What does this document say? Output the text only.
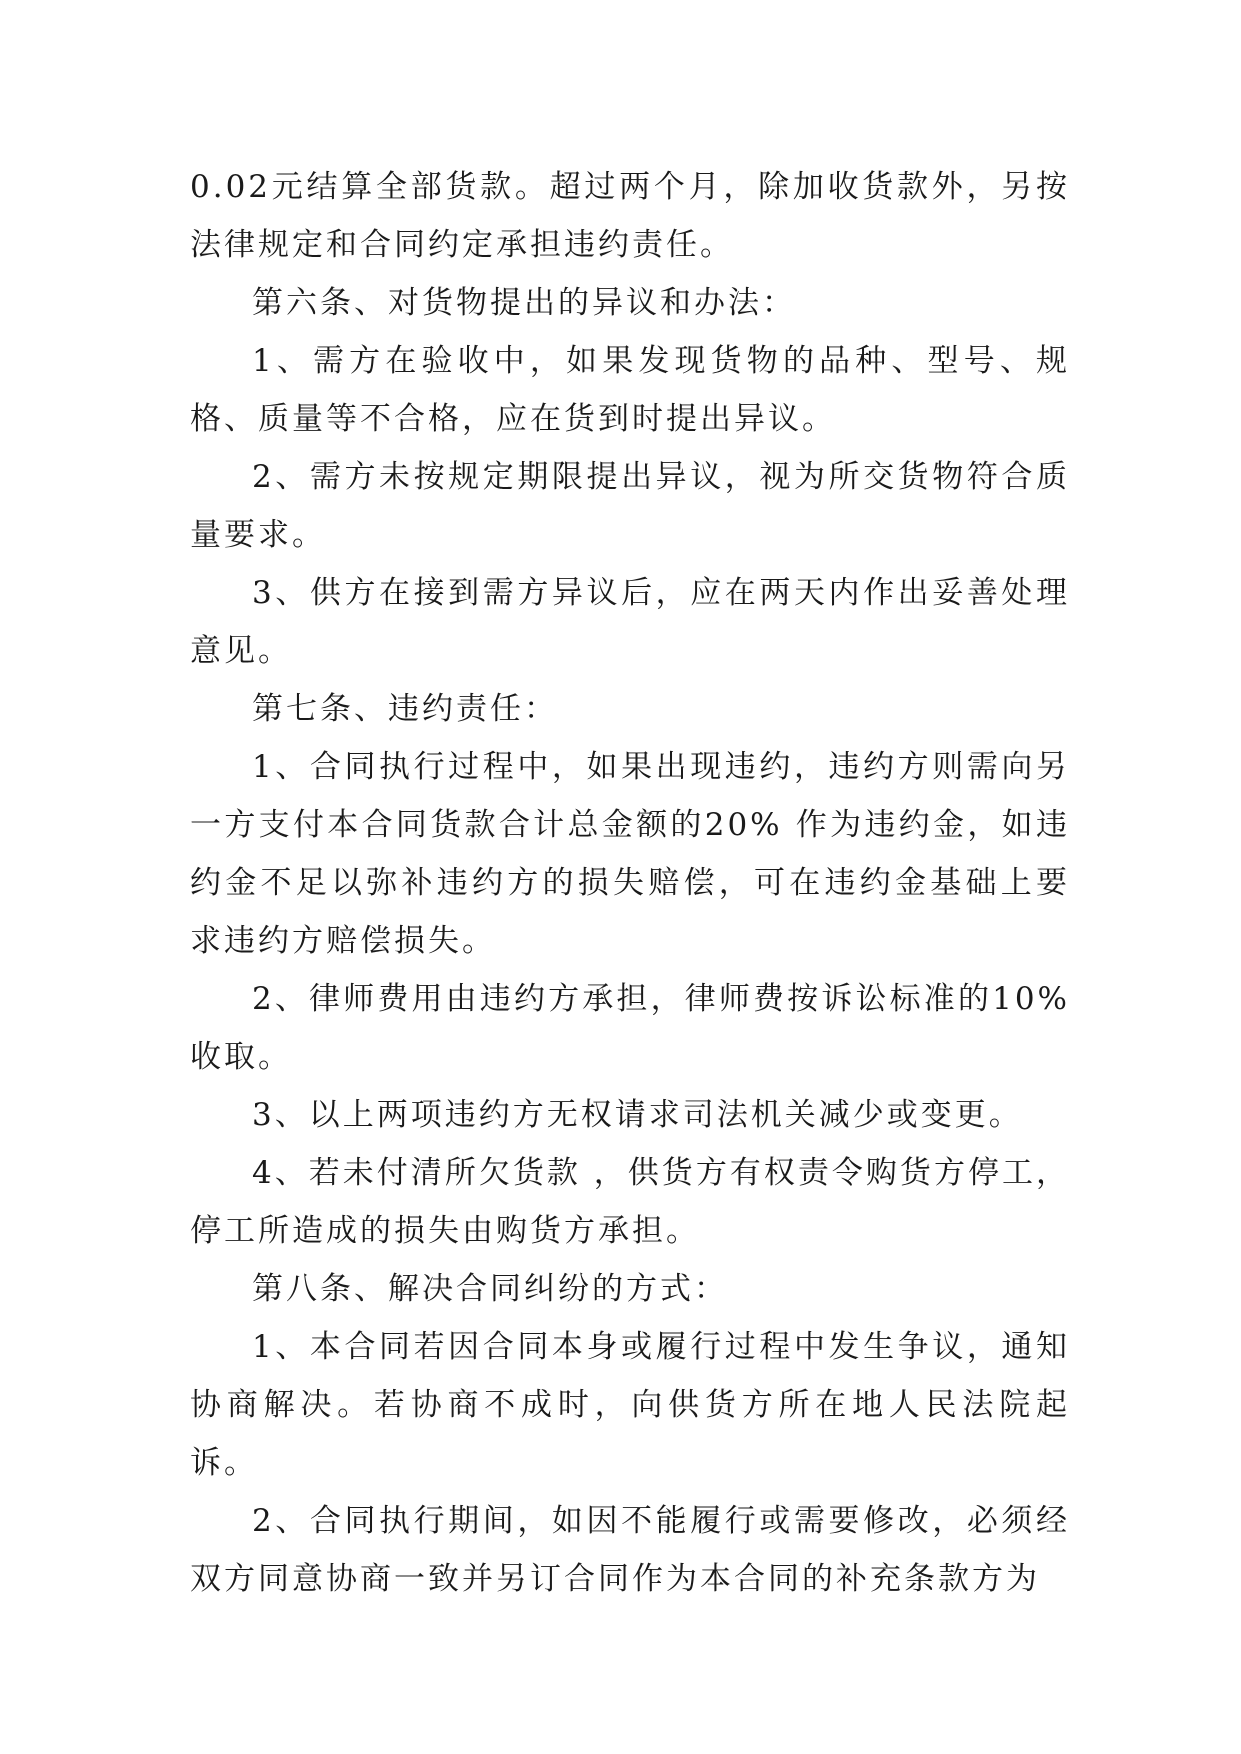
0.02元结算全部货款。超过两个月，除加收货款外，另按法律规定和合同约定承担违约责任。

第六条、对货物提出的异议和办法：

1、需方在验收中，如果发现货物的品种、型号、规格、质量等不合格，应在货到时提出异议。

2、需方未按规定期限提出异议，视为所交货物符合质量要求。

3、供方在接到需方异议后，应在两天内作出妥善处理意见。

第七条、违约责任：

1、合同执行过程中，如果出现违约，违约方则需向另一方支付本合同货款合计总金额的20% 作为违约金，如违约金不足以弥补违约方的损失赔偿，可在违约金基础上要求违约方赔偿损失。

2、律师费用由违约方承担，律师费按诉讼标准的10%收取。

3、以上两项违约方无权请求司法机关减少或变更。

4、若未付清所欠货款 ，供货方有权责令购货方停工，停工所造成的损失由购货方承担。

第八条、解决合同纠纷的方式：

1、本合同若因合同本身或履行过程中发生争议，通知协商解决。若协商不成时，向供货方所在地人民法院起诉。

2、合同执行期间，如因不能履行或需要修改，必须经双方同意协商一致并另订合同作为本合同的补充条款方为
